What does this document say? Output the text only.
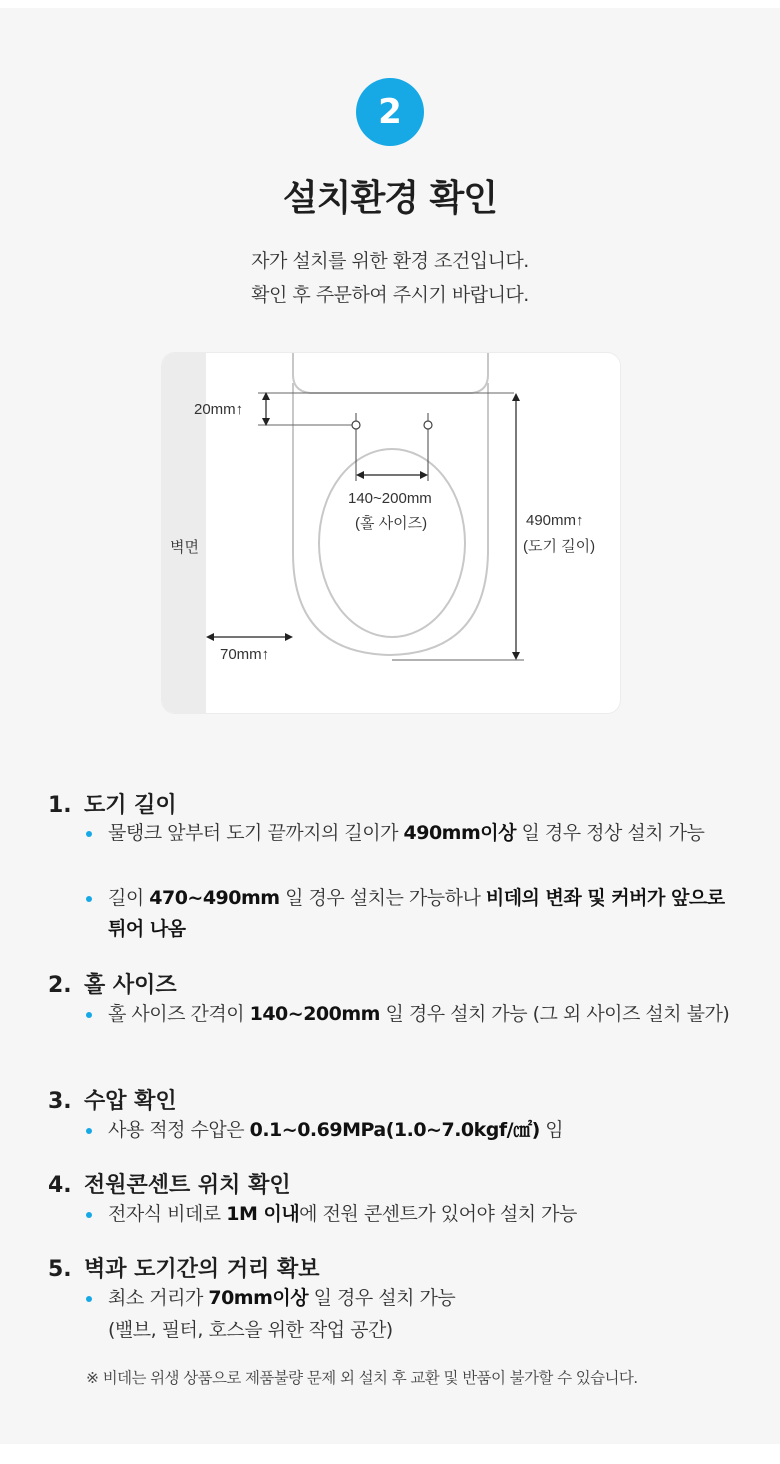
2
설치환경 확인
자가 설치를 위한 환경 조건입니다.
확인 후 주문하여 주시기 바랍니다.
20mm↑
140~200mm
(홀 사이즈)	490mm↑
(도기 길이)
벽면
70mm↑
1. 도기 길이
물탱크 앞부터 도기 끝까지의 길이가 490mm이상 일 경우 정상 설치 가능
길이 470~490mm 일 경우 설치는 가능하나 비데의 변좌 및 커버가 앞으로 튀어 나옴
2. 홀 사이즈
홀 사이즈 간격이 140~200mm 일 경우 설치 가능 (그 외 사이즈 설치 불가)
3. 수압 확인
사용 적정 수압은 0.1~0.69MPa(1.0~7.0kgf/㎠) 임
4. 전원콘센트 위치 확인
전자식 비데로 1M 이내에 전원 콘센트가 있어야 설치 가능
5. 벽과 도기간의 거리 확보
최소 거리가 70mm이상 일 경우 설치 가능
(밸브, 필터, 호스을 위한 작업 공간)
※ 비데는 위생 상품으로 제품불량 문제 외 설치 후 교환 및 반품이 불가할 수 있습니다.
